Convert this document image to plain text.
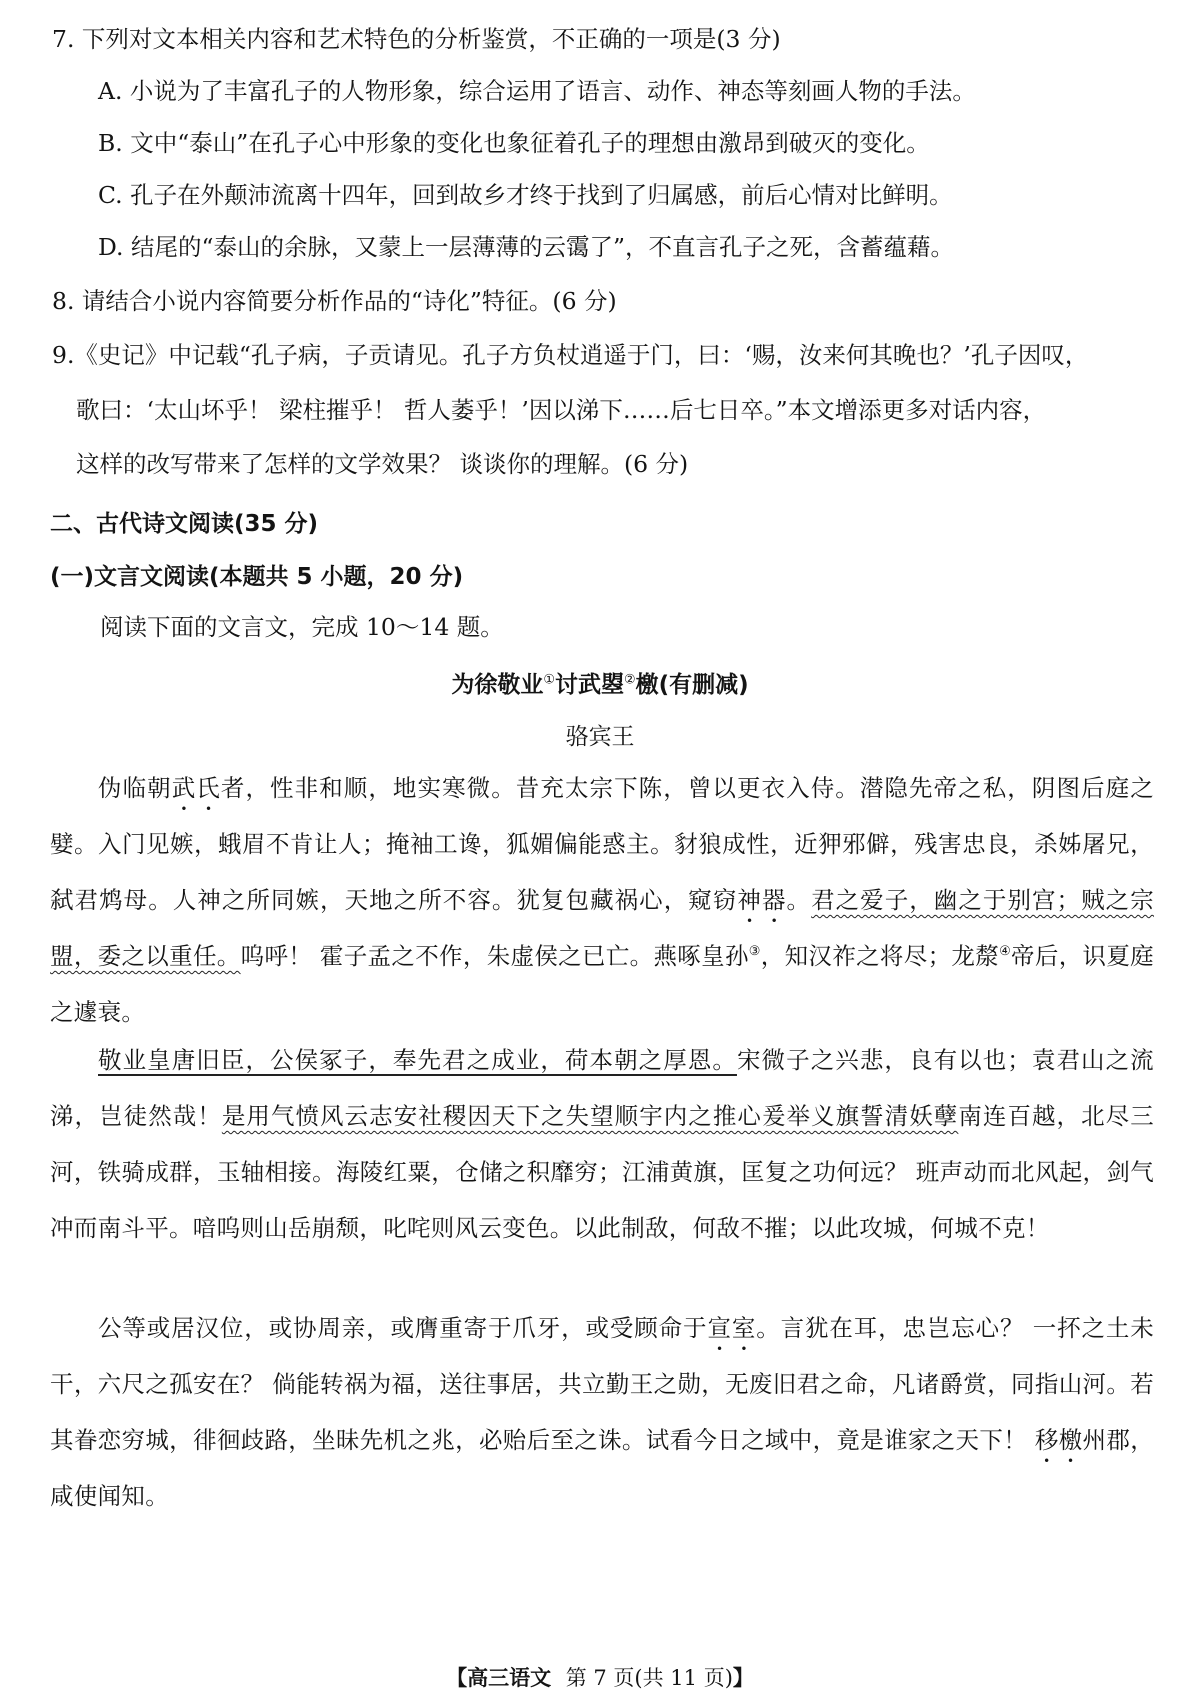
7. 下列对文本相关内容和艺术特色的分析鉴赏，不正确的一项是(3 分)
A. 小说为了丰富孔子的人物形象，综合运用了语言、动作、神态等刻画人物的手法。
B. 文中“泰山”在孔子心中形象的变化也象征着孔子的理想由激昂到破灭的变化。
C. 孔子在外颠沛流离十四年，回到故乡才终于找到了归属感，前后心情对比鲜明。
D. 结尾的“泰山的余脉，又蒙上一层薄薄的云霭了”，不直言孔子之死，含蓄蕴藉。
8. 请结合小说内容简要分析作品的“诗化”特征。(6 分)
9.《史记》中记载“孔子病，子贡请见。孔子方负杖逍遥于门，曰：‘赐，汝来何其晚也？’孔子因叹，
歌曰：‘太山坏乎！ 梁柱摧乎！ 哲人萎乎！’因以涕下……后七日卒。”本文增添更多对话内容，
这样的改写带来了怎样的文学效果？ 谈谈你的理解。(6 分)
二、古代诗文阅读(35 分)
(一)文言文阅读(本题共 5 小题，20 分)
阅读下面的文言文，完成 10～14 题。
为徐敬业①讨武曌②檄(有删减)
骆宾王
伪临朝武氏者，性非和顺，地实寒微。昔充太宗下陈，曾以更衣入侍。潜隐先帝之私，阴图后庭之嬖。入门见嫉，蛾眉不肯让人；掩袖工谗，狐媚偏能惑主。豺狼成性，近狎邪僻，残害忠良，杀姊屠兄，弑君鸩母。人神之所同嫉，天地之所不容。犹复包藏祸心，窥窃神器。君之爱子，幽之于别宫；贼之宗盟，委之以重任。呜呼！ 霍子孟之不作，朱虚侯之已亡。燕啄皇孙③，知汉祚之将尽；龙漦④帝后，识夏庭之遽衰。
敬业皇唐旧臣，公侯冢子，奉先君之成业，荷本朝之厚恩。宋微子之兴悲，良有以也；袁君山之流涕，岂徒然哉！是用气愤风云志安社稷因天下之失望顺宇内之推心爰举义旗誓清妖孽南连百越，北尽三河，铁骑成群，玉轴相接。海陵红粟，仓储之积靡穷；江浦黄旗，匡复之功何远？ 班声动而北风起，剑气冲而南斗平。喑呜则山岳崩颓，叱咤则风云变色。以此制敌，何敌不摧；以此攻城，何城不克！
公等或居汉位，或协周亲，或膺重寄于爪牙，或受顾命于宣室。言犹在耳，忠岂忘心？ 一抔之土未干，六尺之孤安在？ 倘能转祸为福，送往事居，共立勤王之勋，无废旧君之命，凡诸爵赏，同指山河。若其眷恋穷城，徘徊歧路，坐昧先机之兆，必贻后至之诛。试看今日之域中，竟是谁家之天下！ 移檄州郡，咸使闻知。
【高三语文 第 7 页(共 11 页)】
